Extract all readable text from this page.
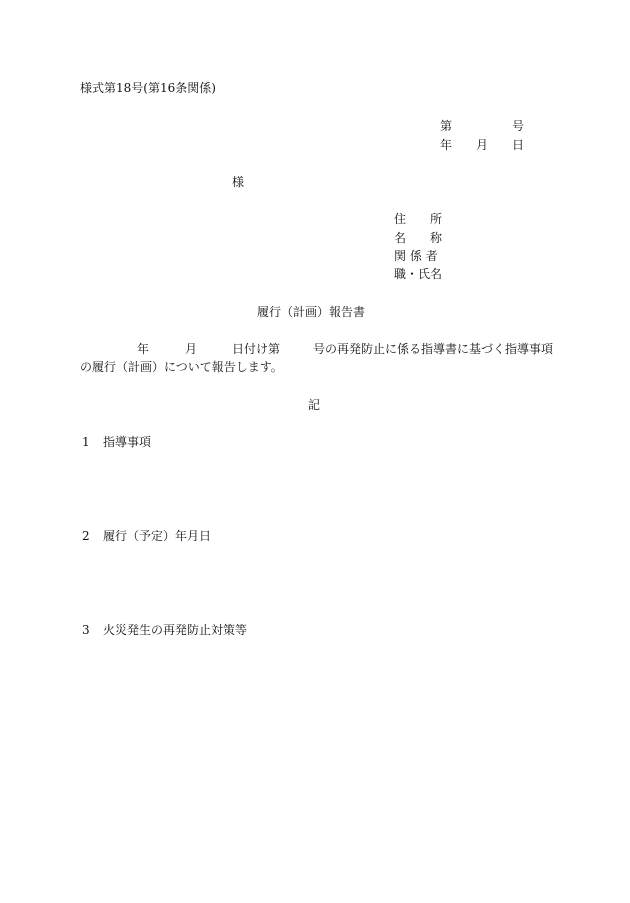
様式第18号(第16条関係)
第	号
年 月 日
様
住　　所
名　　称
関 係 者
職・氏名
履行（計画）報告書
年	月	日付け第	号の再発防止に係る指導書に基づく指導事項
の履行（計画）について報告します。
記
1 指導事項
2 履行（予定）年月日
3 火災発生の再発防止対策等
